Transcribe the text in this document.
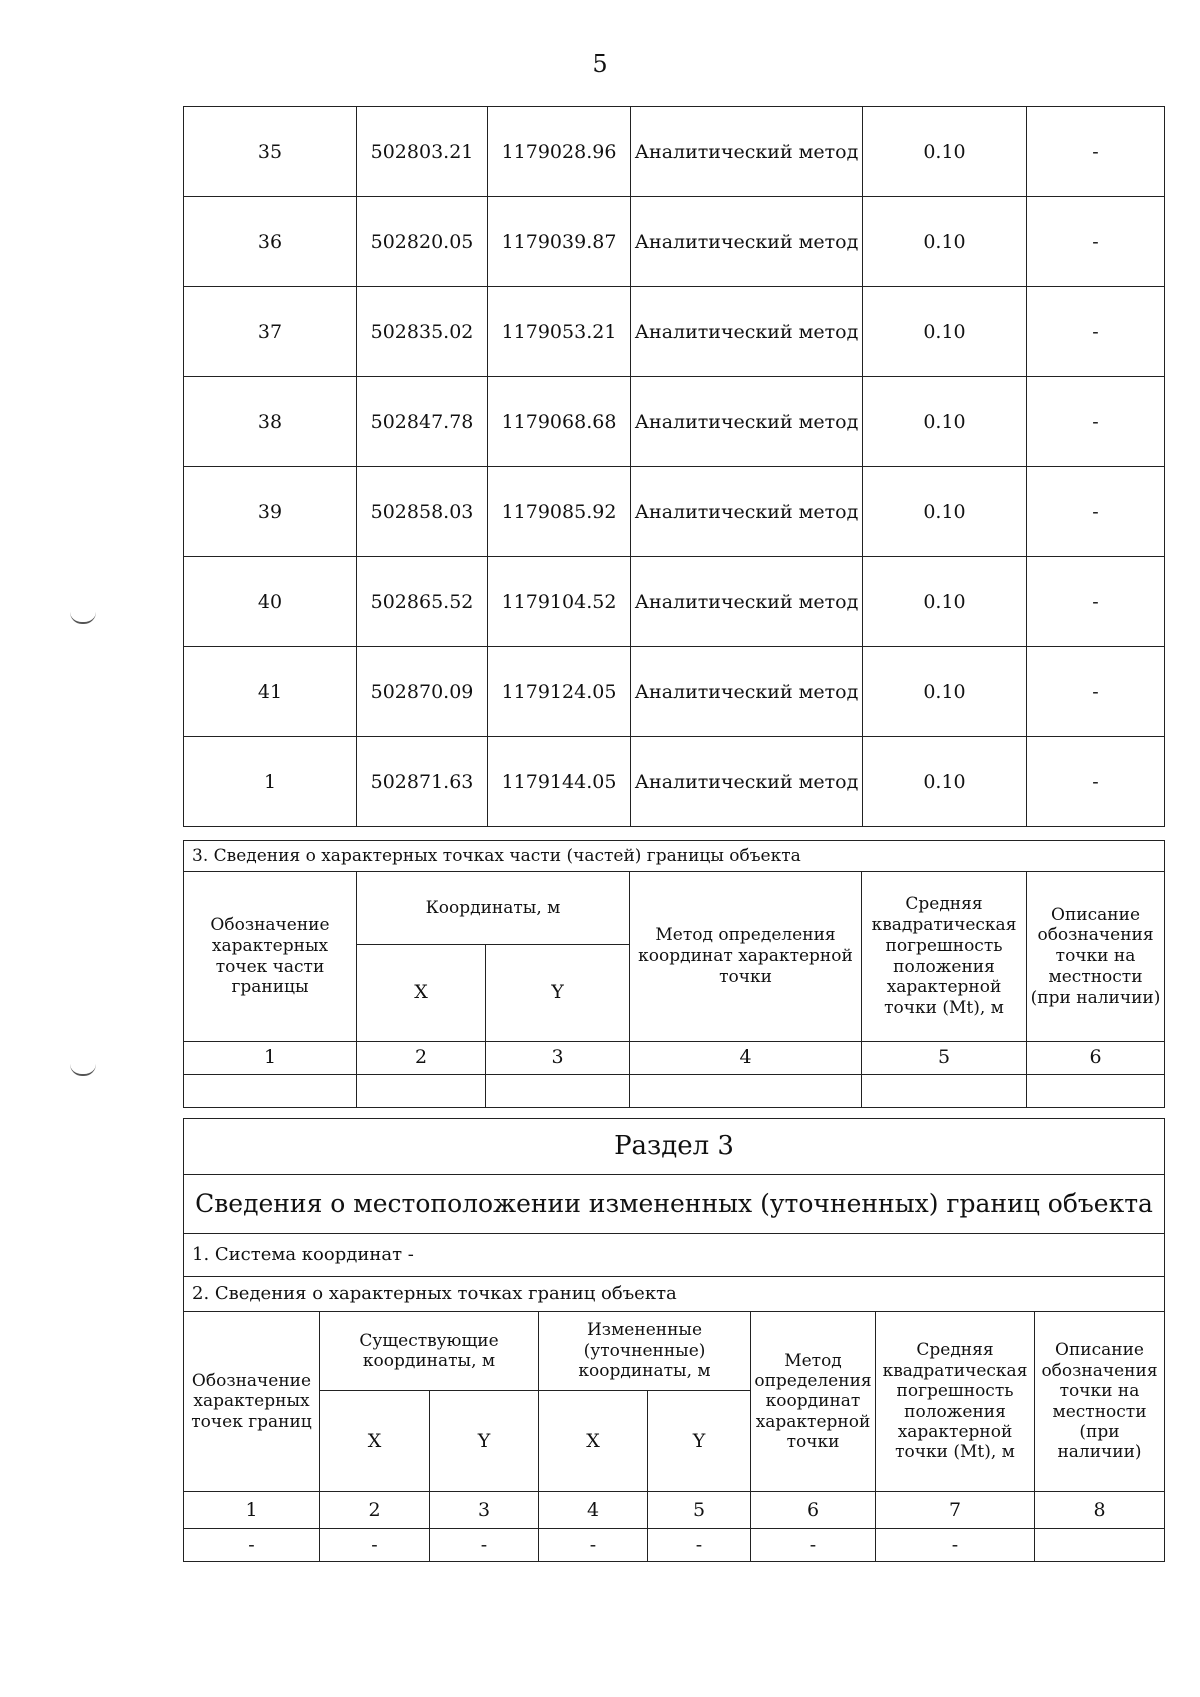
5
35	502803.21	1179028.96	Аналитический метод	0.10	-
36	502820.05	1179039.87	Аналитический метод	0.10	-
37	502835.02	1179053.21	Аналитический метод	0.10	-
38	502847.78	1179068.68	Аналитический метод	0.10	-
39	502858.03	1179085.92	Аналитический метод	0.10	-
40	502865.52	1179104.52	Аналитический метод	0.10	-
41	502870.09	1179124.05	Аналитический метод	0.10	-
1	502871.63	1179144.05	Аналитический метод	0.10	-
3. Сведения о характерных точках части (частей) границы объекта					
Обозначение характерных точек части границы	Координаты, м		Метод определения координат характерной точки	Средняя квадратическая погрешность положения характерной точки (Mt), м	Описание обозначения точки на местности (при наличии)
	X	Y			
1	2	3	4	5	6

Раздел 3							
Сведения о местоположении измененных (уточненных) границ объекта							
1. Система координат -							
2. Сведения о характерных точках границ объекта							
Обозначение характерных точек границ	Существующие координаты, м		Измененные (уточненные) координаты, м		Метод определения координат характерной точки	Средняя квадратическая погрешность положения характерной точки (Mt), м	Описание обозначения точки на местности (при наличии)
	X	Y	X	Y			
1	2	3	4	5	6	7	8
-	-	-	-	-	-	-	
